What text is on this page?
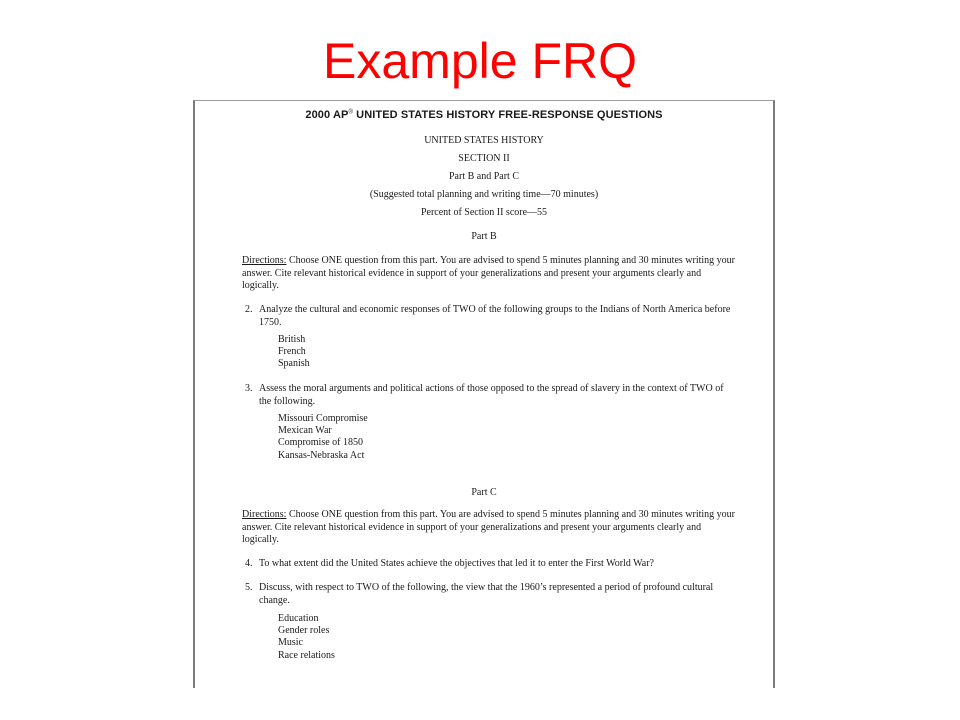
Example FRQ
2000 AP® UNITED STATES HISTORY FREE-RESPONSE QUESTIONS
UNITED STATES HISTORY
SECTION II
Part B and Part C
(Suggested total planning and writing time—70 minutes)
Percent of Section II score—55
Part B
Directions: Choose ONE question from this part. You are advised to spend 5 minutes planning and 30 minutes writing your answer. Cite relevant historical evidence in support of your generalizations and present your arguments clearly and logically.
2. Analyze the cultural and economic responses of TWO of the following groups to the Indians of North America before 1750.
British
French
Spanish
3. Assess the moral arguments and political actions of those opposed to the spread of slavery in the context of TWO of the following.
Missouri Compromise
Mexican War
Compromise of 1850
Kansas-Nebraska Act
Part C
Directions: Choose ONE question from this part. You are advised to spend 5 minutes planning and 30 minutes writing your answer. Cite relevant historical evidence in support of your generalizations and present your arguments clearly and logically.
4. To what extent did the United States achieve the objectives that led it to enter the First World War?
5. Discuss, with respect to TWO of the following, the view that the 1960’s represented a period of profound cultural change.
Education
Gender roles
Music
Race relations
